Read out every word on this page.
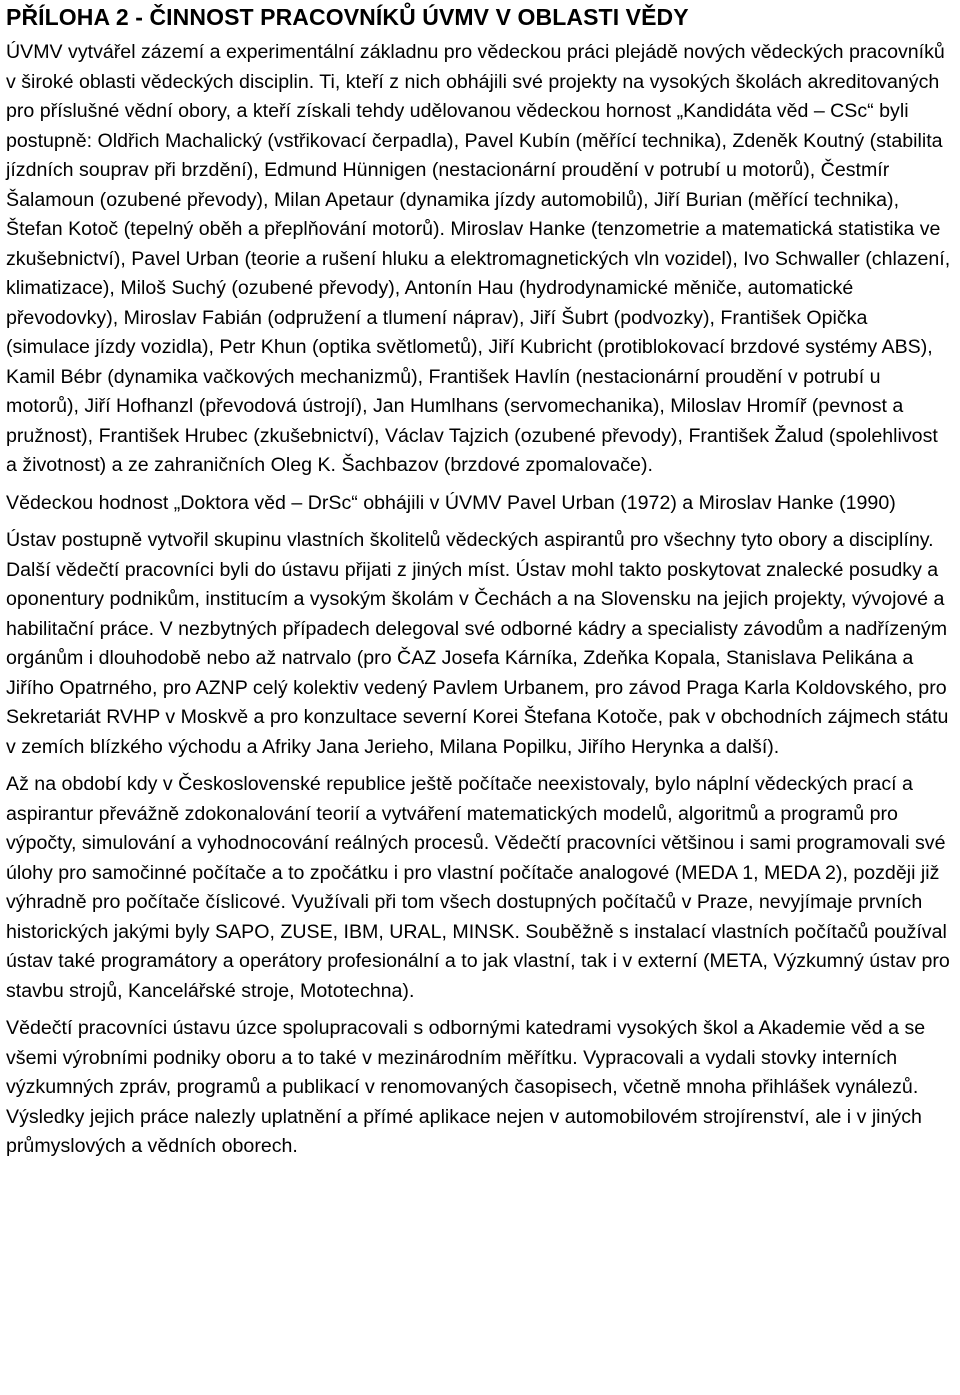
PŘÍLOHA 2 - ČINNOST PRACOVNÍKŮ ÚVMV V OBLASTI VĚDY

ÚVMV vytvářel zázemí a experimentální základnu pro vědeckou práci plejádě nových vědeckých pracovníků v široké oblasti vědeckých disciplin. Ti, kteří z nich obhájili své projekty na vysokých školách akreditovaných pro příslušné vědní obory, a kteří získali tehdy udělovanou vědeckou hornost „Kandidáta věd – CSc“ byli postupně: Oldřich Machalický (vstřikovací čerpadla), Pavel Kubín (měřící technika), Zdeněk Koutný (stabilita jízdních souprav při brzdění), Edmund Hünnigen (nestacionární proudění v potrubí u motorů), Čestmír Šalamoun (ozubené převody), Milan Apetaur (dynamika jízdy automobilů), Jiří Burian (měřící technika), Štefan Kotoč (tepelný oběh a přeplňování motorů). Miroslav Hanke (tenzometrie a matematická statistika ve zkušebnictví), Pavel Urban (teorie a rušení hluku a elektromagnetických vln vozidel), Ivo Schwaller (chlazení, klimatizace), Miloš Suchý (ozubené převody), Antonín Hau (hydrodynamické měniče, automatické převodovky), Miroslav Fabián (odpružení a tlumení náprav), Jiří Šubrt (podvozky), František Opička (simulace jízdy vozidla), Petr Khun (optika světlometů), Jiří Kubricht (protiblokovací brzdové systémy ABS), Kamil Bébr (dynamika vačkových mechanizmů), František Havlín (nestacionární proudění v potrubí u motorů), Jiří Hofhanzl (převodová ústrojí), Jan Humlhans (servomechanika), Miloslav Hromíř (pevnost a pružnost), František Hrubec (zkušebnictví), Václav Tajzich (ozubené převody), František Žalud (spolehlivost a životnost) a ze zahraničních Oleg K. Šachbazov (brzdové zpomalovače).

Vědeckou hodnost „Doktora věd – DrSc“ obhájili v ÚVMV Pavel Urban (1972) a Miroslav Hanke (1990)

Ústav postupně vytvořil skupinu vlastních školitelů vědeckých aspirantů pro všechny tyto obory a disciplíny. Další vědečtí pracovníci byli do ústavu přijati z jiných míst. Ústav mohl takto poskytovat znalecké posudky a oponentury podnikům, institucím a vysokým školám v Čechách a na Slovensku na jejich projekty, vývojové a habilitační práce. V nezbytných případech delegoval své odborné kádry a specialisty závodům a nadřízeným orgánům i dlouhodobě nebo až natrvalo (pro ČAZ Josefa Kárníka, Zdeňka Kopala, Stanislava Pelikána a Jiřího Opatrného, pro AZNP celý kolektiv vedený Pavlem Urbanem, pro závod Praga Karla Koldovského, pro Sekretariát RVHP v Moskvě a pro konzultace severní Korei Štefana Kotoče, pak v obchodních zájmech státu v zemích blízkého východu a Afriky Jana Jerieho, Milana Popilku, Jiřího Herynka a další).

Až na období kdy v Československé republice ještě počítače neexistovaly, bylo náplní vědeckých prací a aspirantur převážně zdokonalování teorií a vytváření matematických modelů, algoritmů a programů pro výpočty, simulování a vyhodnocování reálných procesů. Vědečtí pracovníci většinou i sami programovali své úlohy pro samočinné počítače a to zpočátku i pro vlastní počítače analogové (MEDA 1, MEDA 2), později již výhradně pro počítače číslicové. Využívali při tom všech dostupných počítačů v Praze, nevyjímaje prvních historických jakými byly SAPO, ZUSE, IBM, URAL, MINSK. Souběžně s instalací vlastních počítačů používal ústav také programátory a operátory profesionální a to jak vlastní, tak i v externí (META, Výzkumný ústav pro stavbu strojů, Kancelářské stroje, Mototechna).

Vědečtí pracovníci ústavu úzce spolupracovali s odbornými katedrami vysokých škol a Akademie věd a se všemi výrobními podniky oboru a to také v mezinárodním měřítku. Vypracovali a vydali stovky interních výzkumných zpráv, programů a publikací v renomovaných časopisech, včetně mnoha přihlášek vynálezů. Výsledky jejich práce nalezly uplatnění a přímé aplikace nejen v automobilovém strojírenství, ale i v jiných průmyslových a vědních oborech.
